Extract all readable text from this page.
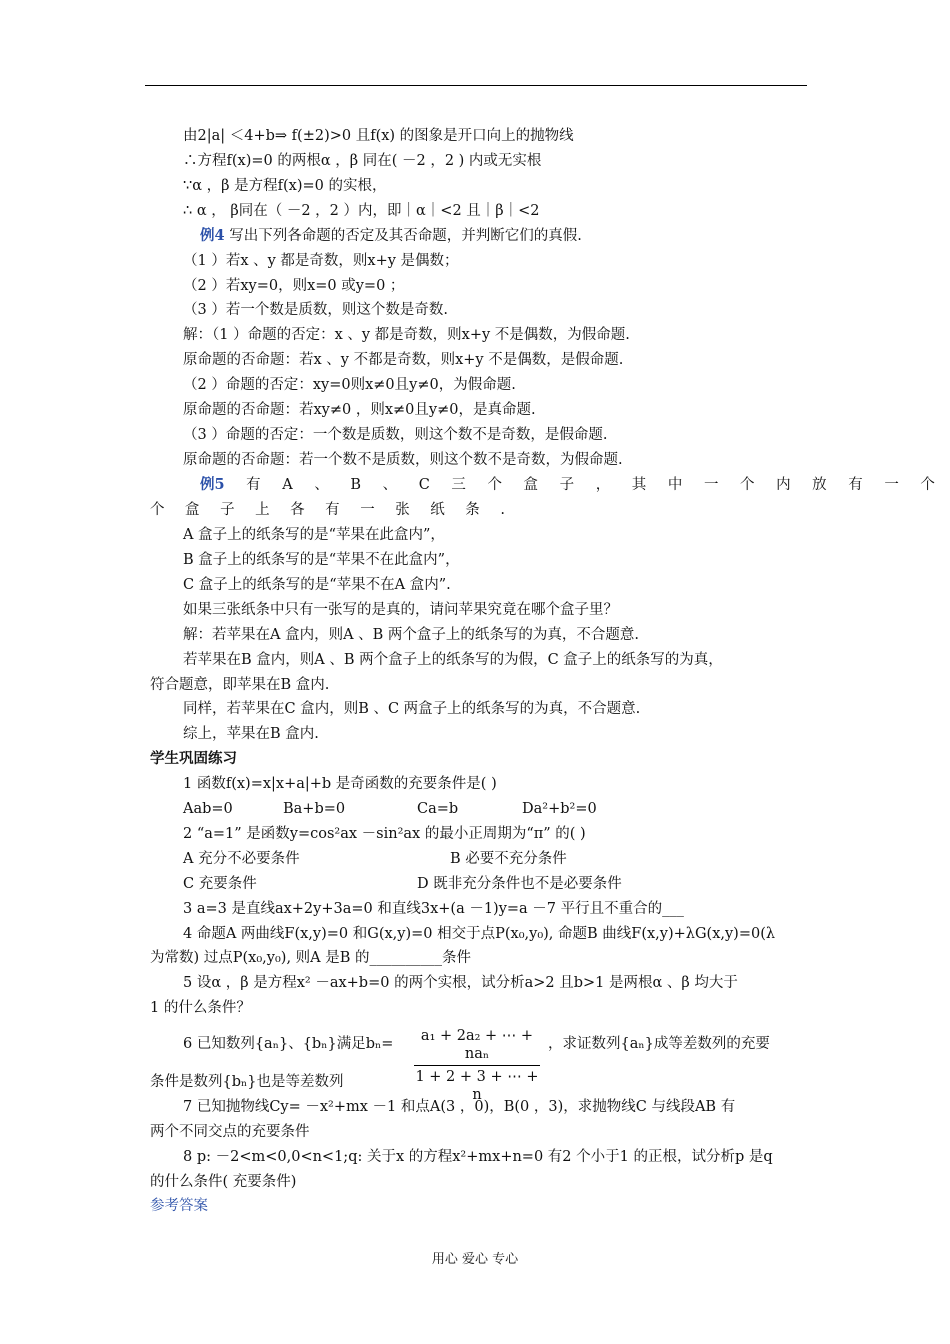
由2|a| ＜4+b⇒ f(±2)>0 且f(x) 的图象是开口向上的抛物线
∴方程f(x)=0 的两根α ，β 同在( －2 ，2 ) 内或无实根
∵α ，β 是方程f(x)=0 的实根，
∴ α ， β同在（ －2 ，2 ）内，即｜α｜<2 且｜β｜<2
例4 写出下列各命题的否定及其否命题，并判断它们的真假.
（1 ）若x 、y 都是奇数，则x+y 是偶数；
（2 ）若xy=0，则x=0 或y=0 ；
（3 ）若一个数是质数，则这个数是奇数.
解：（1 ）命题的否定：x 、y 都是奇数，则x+y 不是偶数，为假命题.
原命题的否命题：若x 、y 不都是奇数，则x+y 不是偶数，是假命题.
（2 ）命题的否定：xy=0则x≠0且y≠0，为假命题.
原命题的否命题：若xy≠0 ，则x≠0且y≠0，是真命题.
（3 ）命题的否定：一个数是质数，则这个数不是奇数，是假命题.
原命题的否命题：若一个数不是质数，则这个数不是奇数，为假命题.
例5 有 A 、 B 、 C 三 个 盒 子 ， 其 中 一 个 内 放 有 一 个
个 盒 子 上 各 有 一 张 纸 条 .
A 盒子上的纸条写的是“苹果在此盒内”，
B 盒子上的纸条写的是“苹果不在此盒内”，
C 盒子上的纸条写的是“苹果不在A 盒内”.
如果三张纸条中只有一张写的是真的，请问苹果究竟在哪个盒子里？
解：若苹果在A 盒内，则A 、B 两个盒子上的纸条写的为真，不合题意.
若苹果在B 盒内，则A 、B 两个盒子上的纸条写的为假，C 盒子上的纸条写的为真，
符合题意，即苹果在B 盒内.
同样，若苹果在C 盒内，则B 、C 两盒子上的纸条写的为真，不合题意.
综上，苹果在B 盒内.
学生巩固练习
1 函数f(x)=x|x+a|+b 是奇函数的充要条件是( )
Aab=0	Ba+b=0	Ca=b	Da²+b²=0
2 “a=1” 是函数y=cos²ax －sin²ax 的最小正周期为“π” 的( )
A 充分不必要条件	B 必要不充分条件
C 充要条件	D 既非充分条件也不是必要条件
3 a=3 是直线ax+2y+3a=0 和直线3x+(a －1)y=a －7 平行且不重合的___
4 命题A 两曲线F(x,y)=0 和G(x,y)=0 相交于点P(x₀,y₀), 命题B 曲线F(x,y)+λG(x,y)=0(λ
为常数) 过点P(x₀,y₀), 则A 是B 的__________条件
5 设α ，β 是方程x² －ax+b=0 的两个实根，试分析a>2 且b>1 是两根α 、β 均大于
1 的什么条件？
6 已知数列{aₙ}、{bₙ}满足bₙ=	a₁ + 2a₂ + ⋯ + naₙ
1 + 2 + 3 + ⋯ + n
，求证数列{aₙ}成等差数列的充要
条件是数列{bₙ}也是等差数列
7 已知抛物线Cy= －x²+mx －1 和点A(3 ，0)，B(0 ，3)，求抛物线C 与线段AB 有
两个不同交点的充要条件
8 p: －2<m<0,0<n<1;q: 关于x 的方程x²+mx+n=0 有2 个小于1 的正根，试分析p 是q
的什么条件( 充要条件)
参考答案
用心 爱心 专心
